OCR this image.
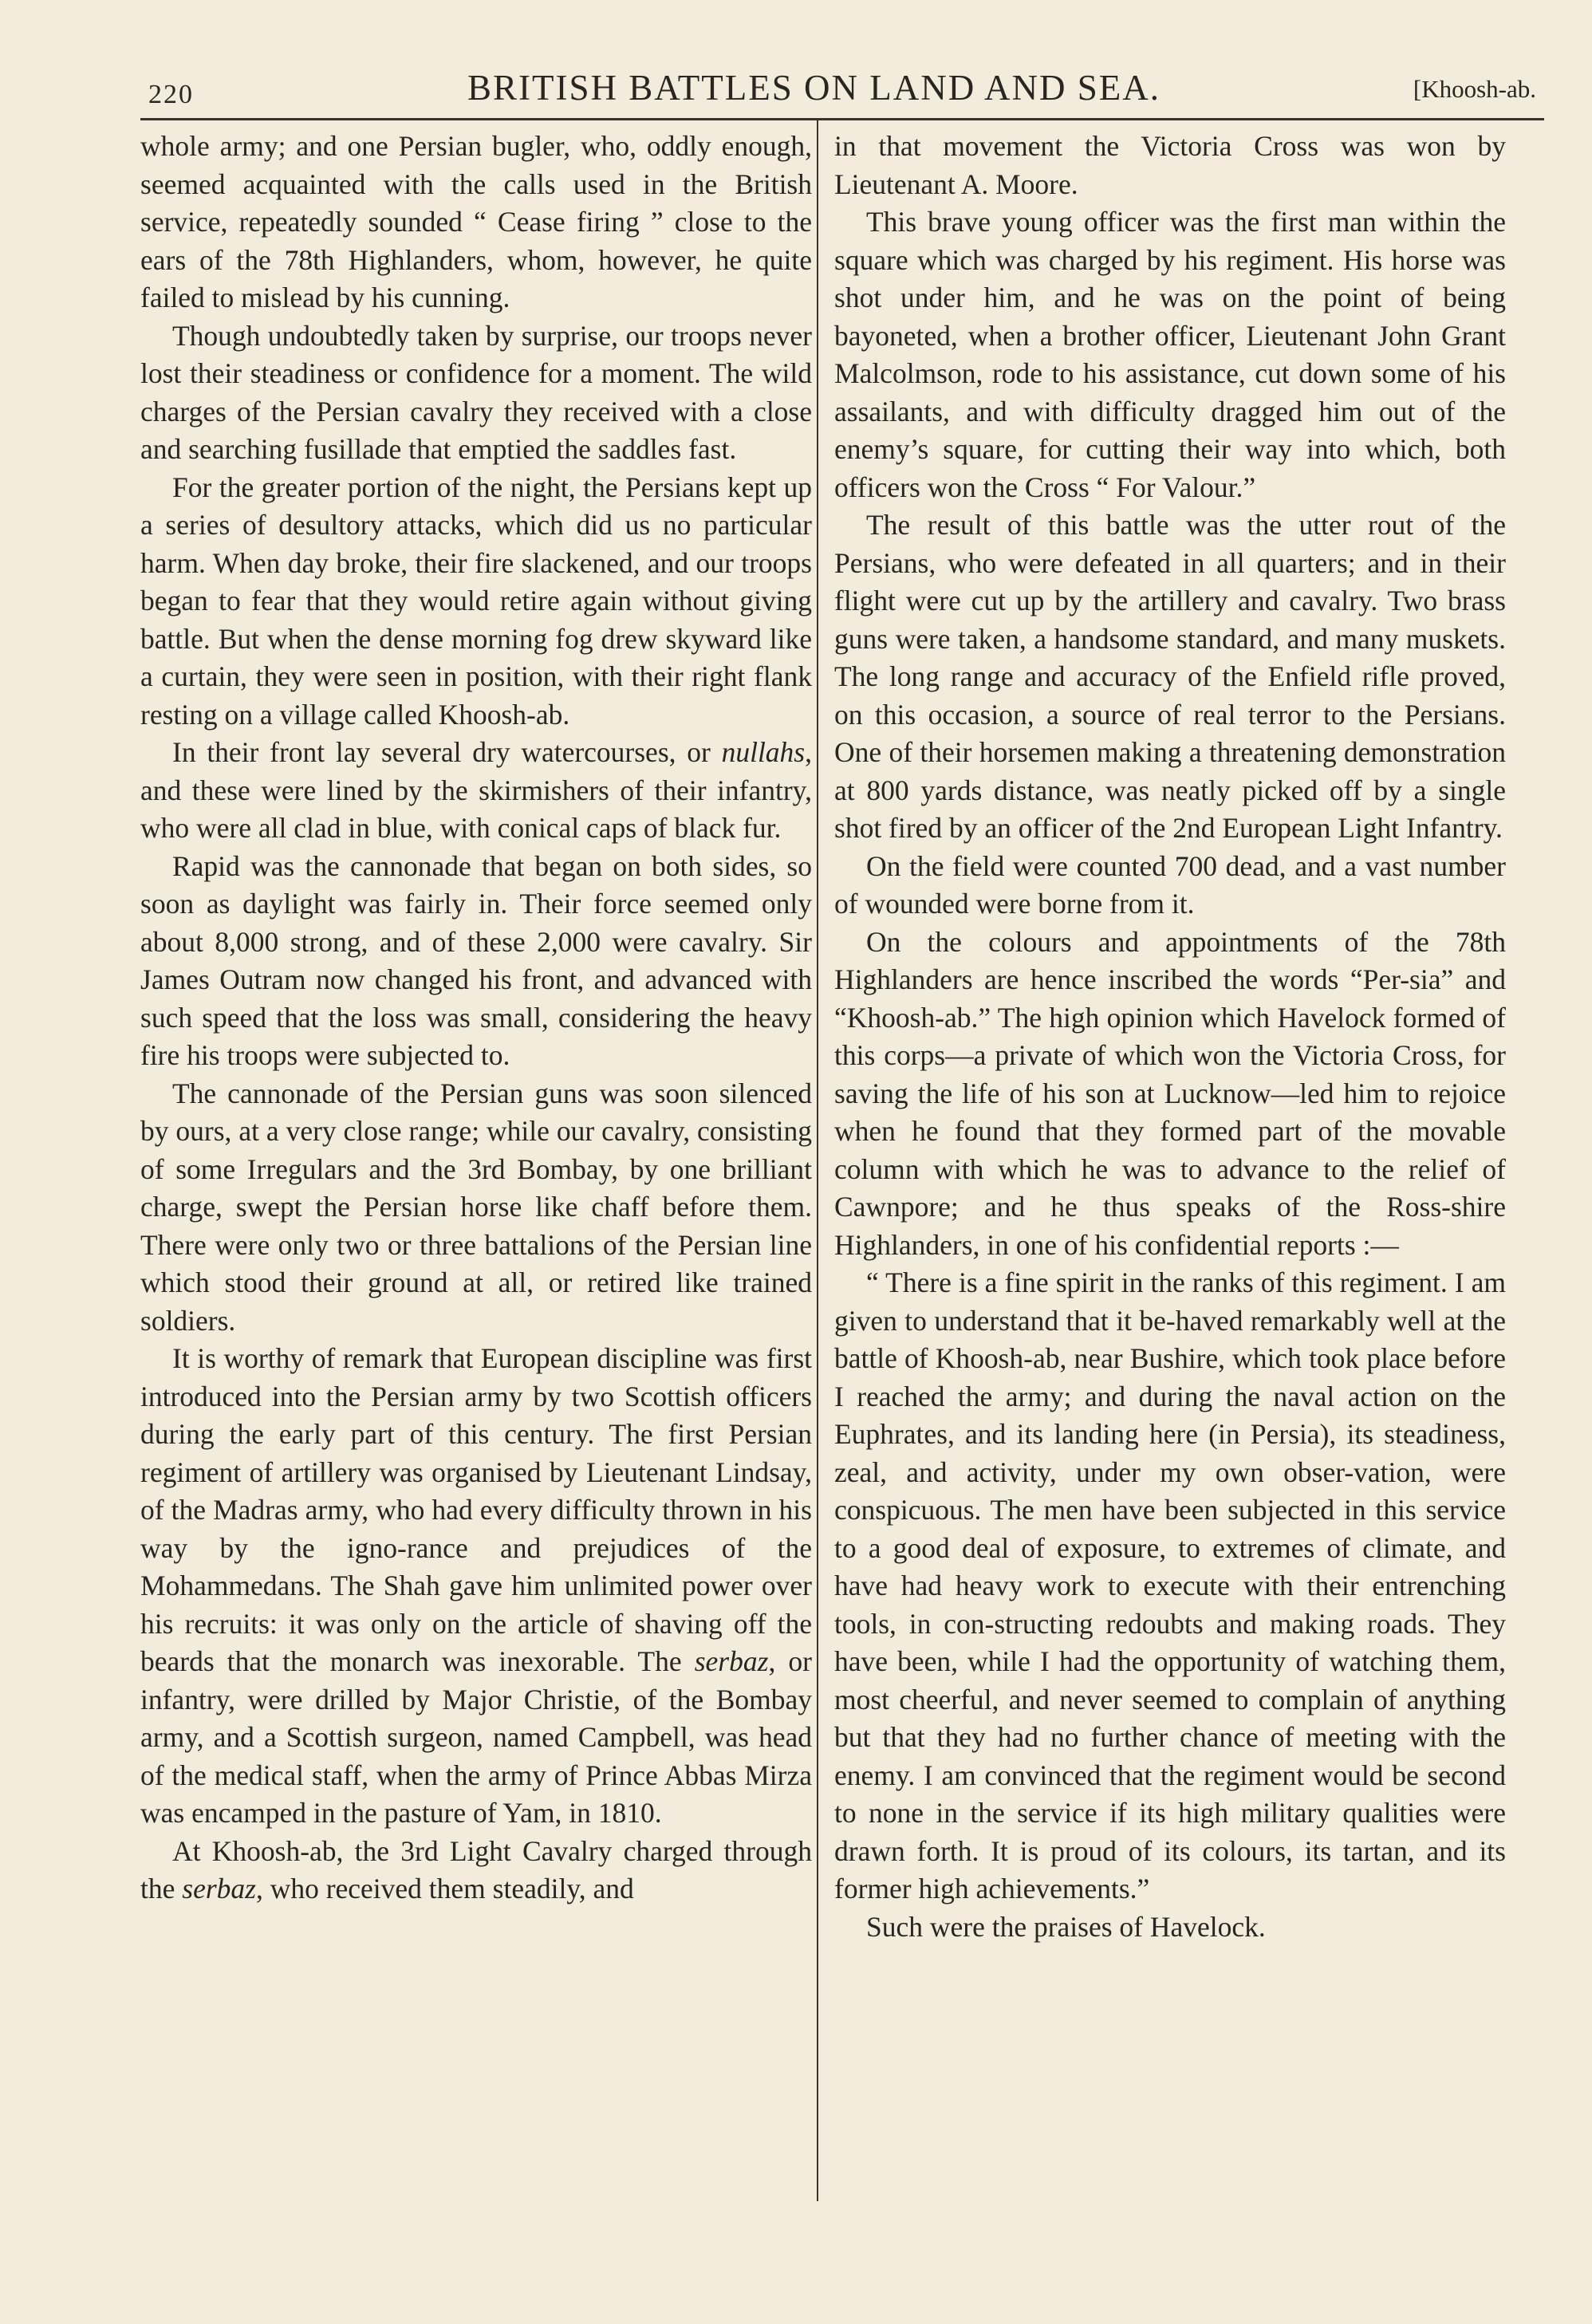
220	BRITISH BATTLES ON LAND AND SEA.	[Khoosh-ab.

whole army; and one Persian bugler, who, oddly enough, seemed acquainted with the calls used in the British service, repeatedly sounded “ Cease firing ” close to the ears of the 78th Highlanders, whom, however, he quite failed to mislead by his cunning.

Though undoubtedly taken by surprise, our troops never lost their steadiness or confidence for a moment. The wild charges of the Persian cavalry they received with a close and searching fusillade that emptied the saddles fast.

For the greater portion of the night, the Persians kept up a series of desultory attacks, which did us no particular harm. When day broke, their fire slackened, and our troops began to fear that they would retire again without giving battle. But when the dense morning fog drew skyward like a curtain, they were seen in position, with their right flank resting on a village called Khoosh-ab.

In their front lay several dry watercourses, or nullahs, and these were lined by the skirmishers of their infantry, who were all clad in blue, with conical caps of black fur.

Rapid was the cannonade that began on both sides, so soon as daylight was fairly in. Their force seemed only about 8,000 strong, and of these 2,000 were cavalry. Sir James Outram now changed his front, and advanced with such speed that the loss was small, considering the heavy fire his troops were subjected to.

The cannonade of the Persian guns was soon silenced by ours, at a very close range; while our cavalry, consisting of some Irregulars and the 3rd Bombay, by one brilliant charge, swept the Persian horse like chaff before them. There were only two or three battalions of the Persian line which stood their ground at all, or retired like trained soldiers.

It is worthy of remark that European discipline was first introduced into the Persian army by two Scottish officers during the early part of this century. The first Persian regiment of artillery was organised by Lieutenant Lindsay, of the Madras army, who had every difficulty thrown in his way by the igno-rance and prejudices of the Mohammedans. The Shah gave him unlimited power over his recruits: it was only on the article of shaving off the beards that the monarch was inexorable. The serbaz, or infantry, were drilled by Major Christie, of the Bombay army, and a Scottish surgeon, named Campbell, was head of the medical staff, when the army of Prince Abbas Mirza was encamped in the pasture of Yam, in 1810.

At Khoosh-ab, the 3rd Light Cavalry charged through the serbaz, who received them steadily, and

in that movement the Victoria Cross was won by Lieutenant A. Moore.

This brave young officer was the first man within the square which was charged by his regiment. His horse was shot under him, and he was on the point of being bayoneted, when a brother officer, Lieutenant John Grant Malcolmson, rode to his assistance, cut down some of his assailants, and with difficulty dragged him out of the enemy’s square, for cutting their way into which, both officers won the Cross “ For Valour.”

The result of this battle was the utter rout of the Persians, who were defeated in all quarters; and in their flight were cut up by the artillery and cavalry. Two brass guns were taken, a handsome standard, and many muskets. The long range and accuracy of the Enfield rifle proved, on this occasion, a source of real terror to the Persians. One of their horsemen making a threatening demonstration at 800 yards distance, was neatly picked off by a single shot fired by an officer of the 2nd European Light Infantry.

On the field were counted 700 dead, and a vast number of wounded were borne from it.

On the colours and appointments of the 78th Highlanders are hence inscribed the words “Per-sia” and “Khoosh-ab.” The high opinion which Havelock formed of this corps—a private of which won the Victoria Cross, for saving the life of his son at Lucknow—led him to rejoice when he found that they formed part of the movable column with which he was to advance to the relief of Cawnpore; and he thus speaks of the Ross-shire Highlanders, in one of his confidential reports :—

“ There is a fine spirit in the ranks of this regiment. I am given to understand that it be-haved remarkably well at the battle of Khoosh-ab, near Bushire, which took place before I reached the army; and during the naval action on the Euphrates, and its landing here (in Persia), its steadiness, zeal, and activity, under my own obser-vation, were conspicuous. The men have been subjected in this service to a good deal of exposure, to extremes of climate, and have had heavy work to execute with their entrenching tools, in con-structing redoubts and making roads. They have been, while I had the opportunity of watching them, most cheerful, and never seemed to complain of anything but that they had no further chance of meeting with the enemy. I am convinced that the regiment would be second to none in the service if its high military qualities were drawn forth. It is proud of its colours, its tartan, and its former high achievements.”

Such were the praises of Havelock.
